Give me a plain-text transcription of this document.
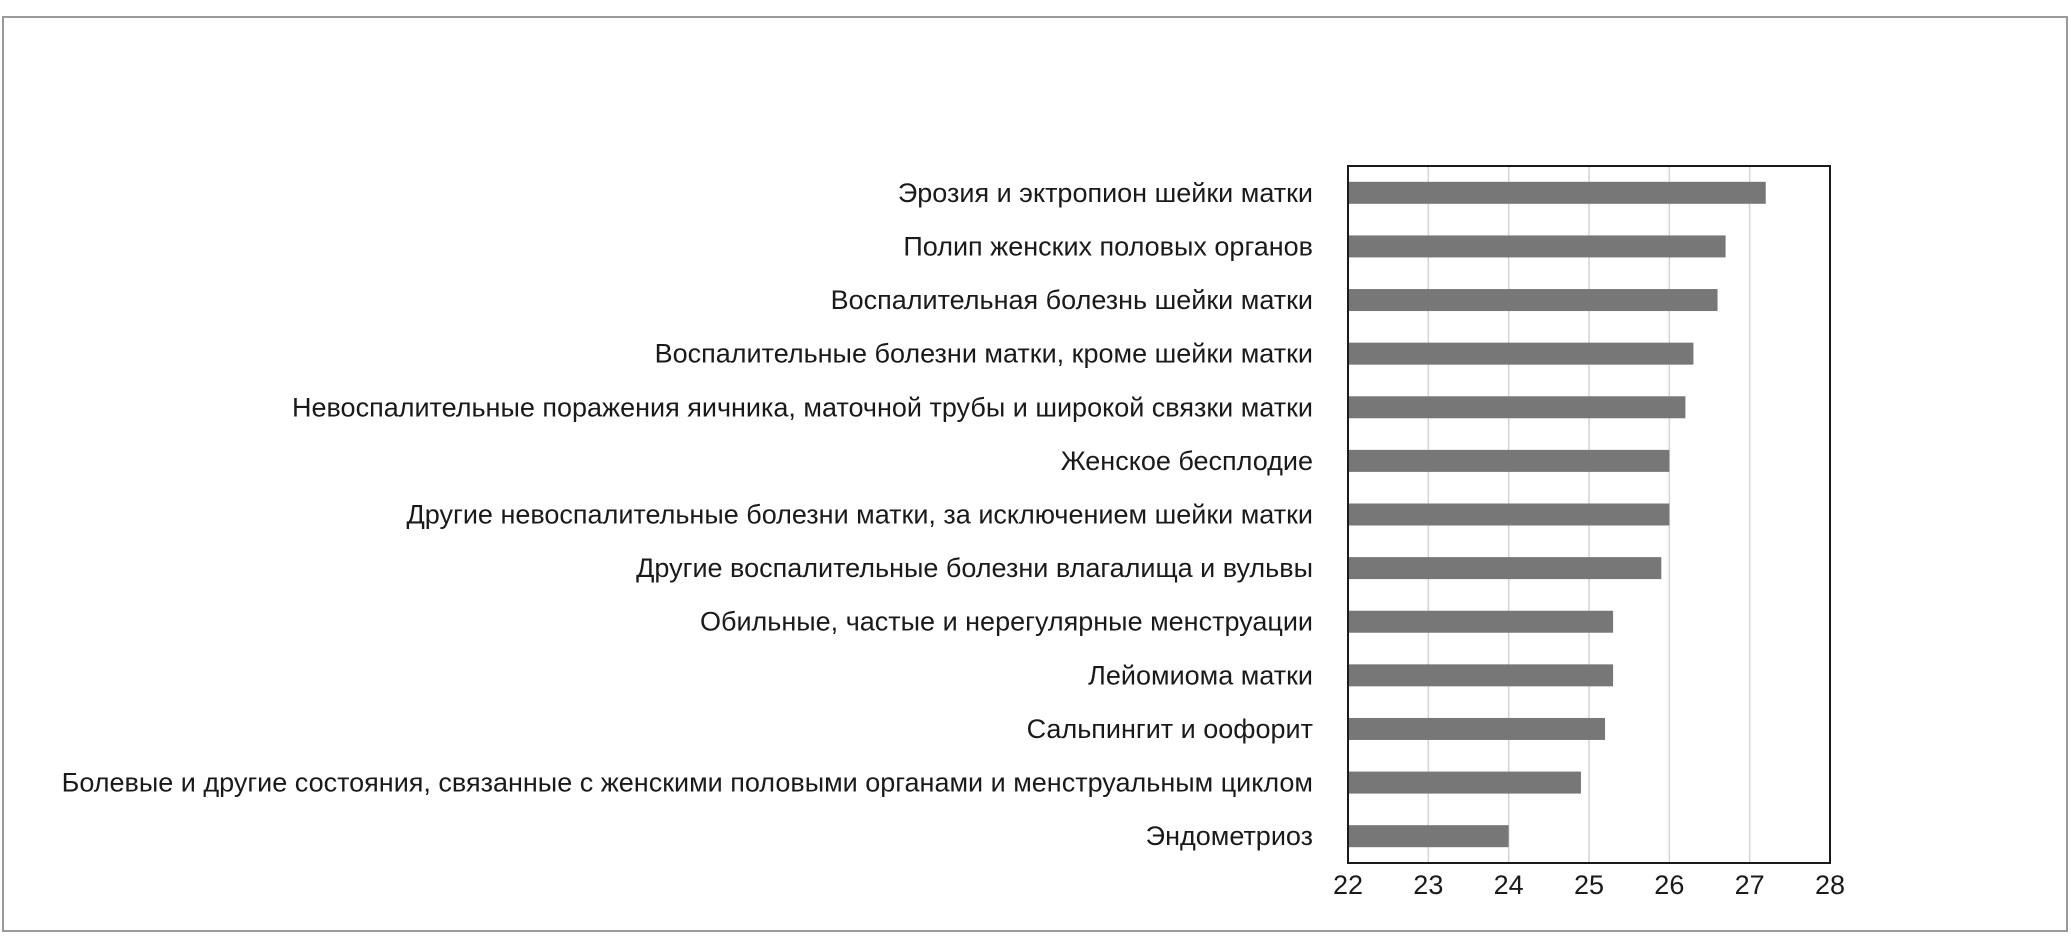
Эрозия и эктропион шейки матки
Полип женских половых органов
Воспалительная болезнь шейки матки
Воспалительные болезни матки, кроме шейки матки
Невоспалительные поражения яичника, маточной трубы и широкой связки матки
Женское бесплодие
Другие невоспалительные болезни матки, за исключением шейки матки
Другие воспалительные болезни влагалища и вульвы
Обильные, частые и нерегулярные менструации
Лейомиома матки
Сальпингит и оофорит
Болевые и другие состояния, связанные с женскими половыми органами и менструальным циклом
Эндометриоз
22 23 24 25 26 27 28
